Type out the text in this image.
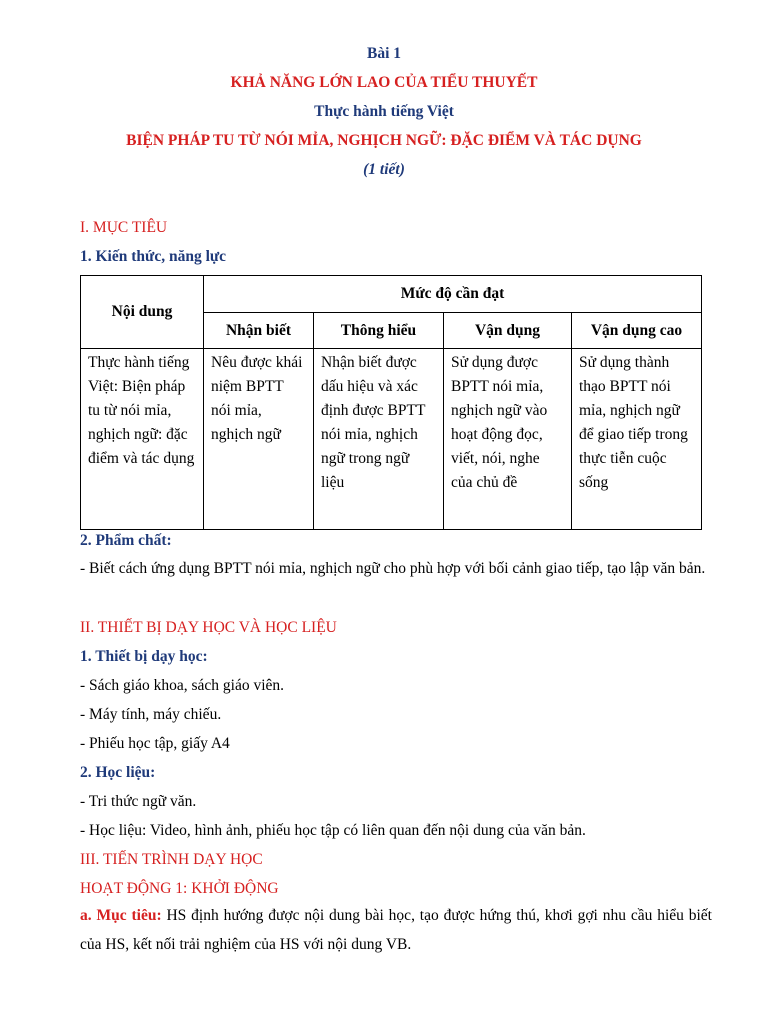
Bài 1
KHẢ NĂNG LỚN LAO CỦA TIỂU THUYẾT
Thực hành tiếng Việt
BIỆN PHÁP TU TỪ NÓI MỈA, NGHỊCH NGỮ: ĐẶC ĐIỂM VÀ TÁC DỤNG
(1 tiết)
I. MỤC TIÊU
1. Kiến thức, năng lực
Nội dung	Mức độ cần đạt			
	Nhận biết	Thông hiểu	Vận dụng	Vận dụng cao
Thực hành tiếng Việt: Biện pháp tu từ nói mỉa, nghịch ngữ: đặc điểm và tác dụng	Nêu được khái niệm BPTT nói mỉa, nghịch ngữ	Nhận biết được dấu hiệu và xác định được BPTT nói mỉa, nghịch ngữ trong ngữ liệu	Sử dụng được BPTT nói mỉa, nghịch ngữ vào hoạt động đọc, viết, nói, nghe của chủ đề	Sử dụng thành thạo BPTT nói mỉa, nghịch ngữ để giao tiếp trong thực tiễn cuộc sống
2. Phẩm chất:
- Biết cách ứng dụng BPTT nói mỉa, nghịch ngữ cho phù hợp với bối cảnh giao tiếp, tạo lập văn bản.
II. THIẾT BỊ DẠY HỌC VÀ HỌC LIỆU
1. Thiết bị dạy học:
- Sách giáo khoa, sách giáo viên.
- Máy tính, máy chiếu.
- Phiếu học tập, giấy A4
2. Học liệu:
- Tri thức ngữ văn.
- Học liệu: Video, hình ảnh, phiếu học tập có liên quan đến nội dung của văn bản.
III. TIẾN TRÌNH DẠY HỌC
HOẠT ĐỘNG 1: KHỞI ĐỘNG
a. Mục tiêu: HS định hướng được nội dung bài học, tạo được hứng thú, khơi gợi nhu cầu hiểu biết của HS, kết nối trải nghiệm của HS với nội dung VB.
